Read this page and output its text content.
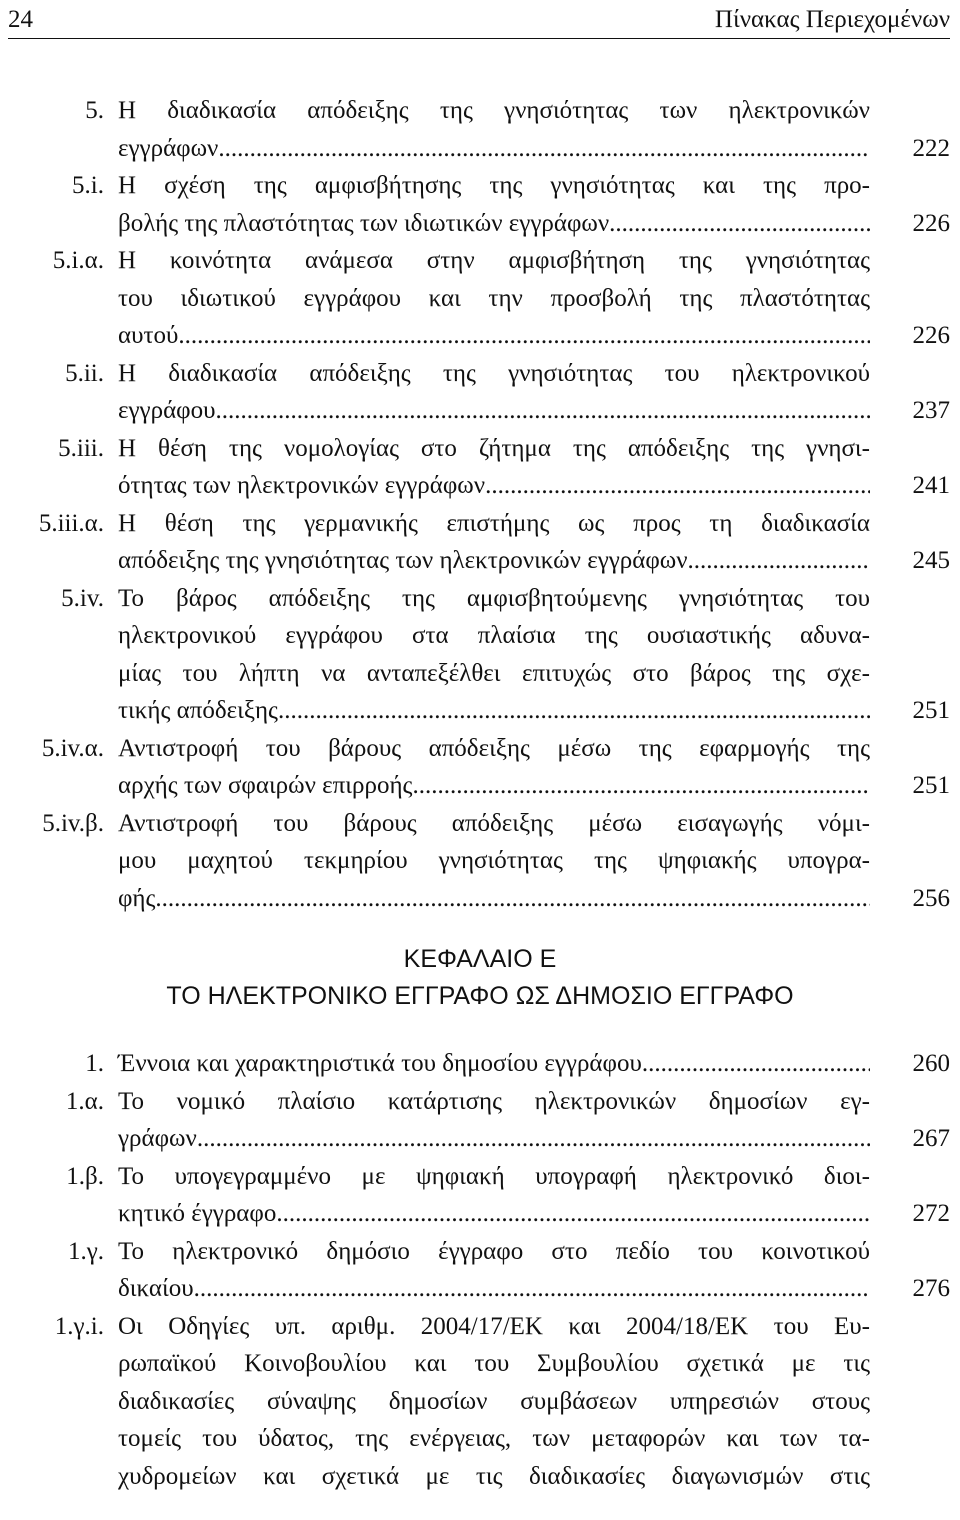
24	Πίνακας Περιεχομένων
5. Η διαδικασία απόδειξης της γνησιότητας των ηλεκτρονικών
εγγράφων .....	222
5.i. Η σχέση της αμφισβήτησης της γνησιότητας και της προ-
βολής της πλαστότητας των ιδιωτικών εγγράφων .....	226
5.i.α. Η κοινότητα ανάμεσα στην αμφισβήτηση της γνησιότητας
του ιδιωτικού εγγράφου και την προσβολή της πλαστότητας
αυτού .....	226
5.ii. Η διαδικασία απόδειξης της γνησιότητας του ηλεκτρονικού
εγγράφου .....	237
5.iii. Η θέση της νομολογίας στο ζήτημα της απόδειξης της γνησι-
ότητας των ηλεκτρονικών εγγράφων .....	241
5.iii.α. Η θέση της γερμανικής επιστήμης ως προς τη διαδικασία
απόδειξης της γνησιότητας των ηλεκτρονικών εγγράφων .....	245
5.iv. Το βάρος απόδειξης της αμφισβητούμενης γνησιότητας του
ηλεκτρονικού εγγράφου στα πλαίσια της ουσιαστικής αδυνα-
μίας του λήπτη να ανταπεξέλθει επιτυχώς στο βάρος της σχε-
τικής απόδειξης .....	251
5.iv.α. Αντιστροφή του βάρους απόδειξης μέσω της εφαρμογής της
αρχής των σφαιρών επιρροής .....	251
5.iv.β. Αντιστροφή του βάρους απόδειξης μέσω εισαγωγής νόμι-
μου μαχητού τεκμηρίου γνησιότητας της ψηφιακής υπογρα-
φής .....	256
ΚΕΦΑΛΑΙΟ Ε
ΤΟ ΗΛΕΚΤΡΟΝΙΚΟ ΕΓΓΡΑΦΟ ΩΣ ΔΗΜΟΣΙΟ ΕΓΓΡΑΦΟ
1. Έννοια και χαρακτηριστικά του δημοσίου εγγράφου .....	260
1.α. Το νομικό πλαίσιο κατάρτισης ηλεκτρονικών δημοσίων εγ-
γράφων .....	267
1.β. Το υπογεγραμμένο με ψηφιακή υπογραφή ηλεκτρονικό διοι-
κητικό έγγραφο .....	272
1.γ. Το ηλεκτρονικό δημόσιο έγγραφο στο πεδίο του κοινοτικού
δικαίου .....	276
1.γ.i. Οι Οδηγίες υπ. αριθμ. 2004/17/ΕΚ και 2004/18/ΕΚ του Ευ-
ρωπαϊκού Κοινοβουλίου και του Συμβουλίου σχετικά με τις
διαδικασίες σύναψης δημοσίων συμβάσεων υπηρεσιών στους
τομείς του ύδατος, της ενέργειας, των μεταφορών και των τα-
χυδρομείων και σχετικά με τις διαδικασίες διαγωνισμών στις
